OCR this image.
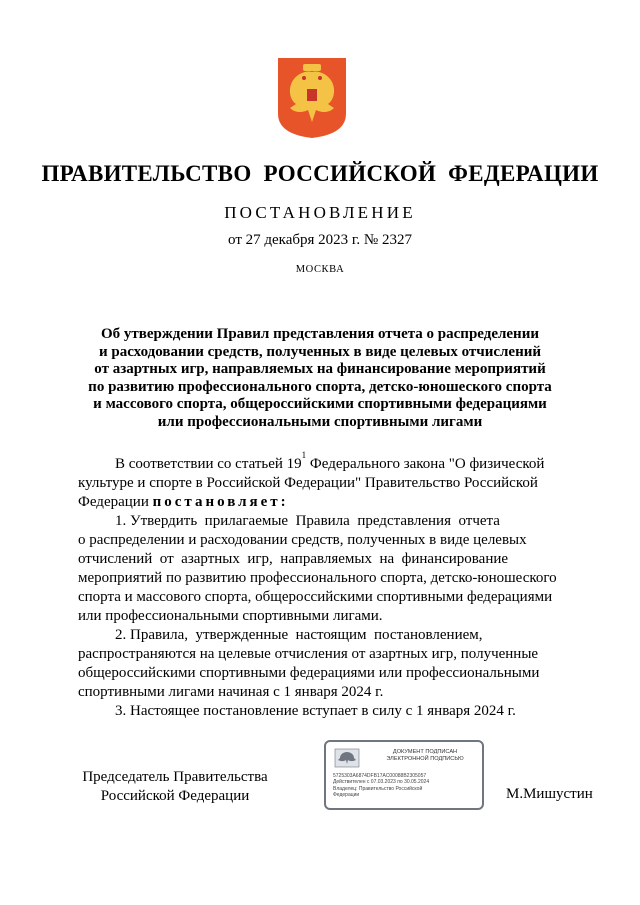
ПРАВИТЕЛЬСТВО РОССИЙСКОЙ ФЕДЕРАЦИИ
ПОСТАНОВЛЕНИЕ
от 27 декабря 2023 г. № 2327
МОСКВА
Об утверждении Правил представления отчета о распределении
и расходовании средств, полученных в виде целевых отчислений
от азартных игр, направляемых на финансирование мероприятий
по развитию профессионального спорта, детско-юношеского спорта
и массового спорта, общероссийскими спортивными федерациями
или профессиональными спортивными лигами
В соответствии со статьей 19
1
Федерального закона "О физической
культуре и спорте в Российской Федерации" Правительство Российской
Федерации постановляет:
1. Утвердить  прилагаемые  Правила  представления  отчета
о распределении и расходовании средств, полученных в виде целевых
отчислений  от  азартных  игр,  направляемых  на  финансирование
мероприятий по развитию профессионального спорта, детско-юношеского
спорта и массового спорта, общероссийскими спортивными федерациями
или профессиональными спортивными лигами.
2. Правила,  утвержденные  настоящим  постановлением,
распространяются на целевые отчисления от азартных игр, полученные
общероссийскими спортивными федерациями или профессиональными
спортивными лигами начиная с 1 января 2024 г.
3. Настоящее постановление вступает в силу с 1 января 2024 г.
Председатель Правительства
Российской Федерации
ДОКУМЕНТ ПОДПИСАН
ЭЛЕКТРОННОЙ ПОДПИСЬЮ
5725303A6874DFB17AC00088B2305057
Действителен с 07.03.2023 по 30.05.2024
Владелец: Правительство Российской
Федерации	М.Мишустин
